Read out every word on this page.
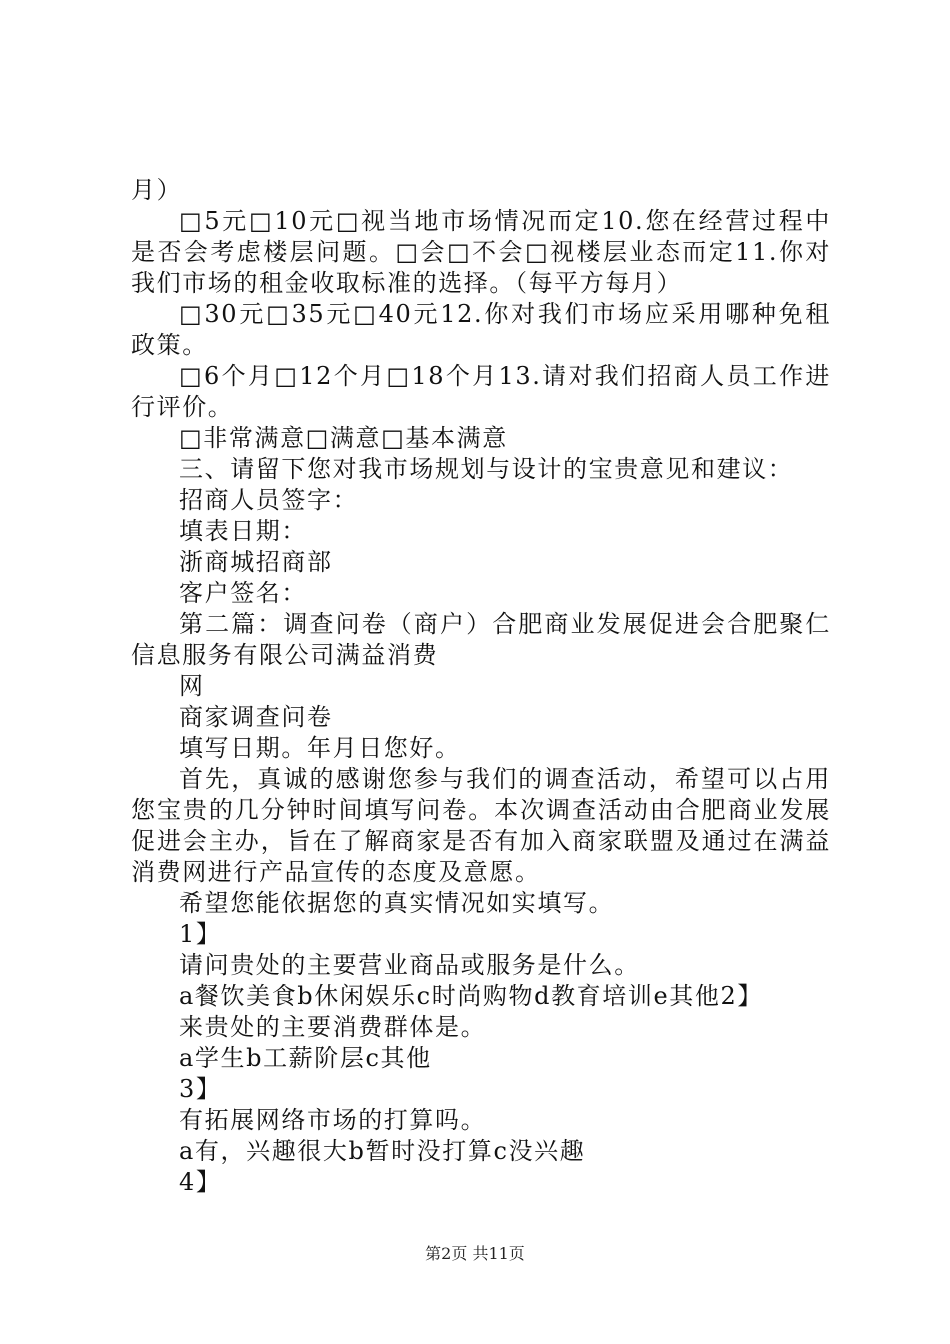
月）

□5元□10元□视当地市场情况而定10.您在经营过程中是否会考虑楼层问题。□会□不会□视楼层业态而定11.你对我们市场的租金收取标准的选择。（每平方每月）

□30元□35元□40元12.你对我们市场应采用哪种免租政策。

□6个月□12个月□18个月13.请对我们招商人员工作进行评价。

□非常满意□满意□基本满意

三、请留下您对我市场规划与设计的宝贵意见和建议：

招商人员签字：

填表日期：

浙商城招商部

客户签名：

第二篇：调查问卷（商户）合肥商业发展促进会合肥聚仁信息服务有限公司满益消费

网

商家调查问卷

填写日期。年月日您好。

首先，真诚的感谢您参与我们的调查活动，希望可以占用您宝贵的几分钟时间填写问卷。本次调查活动由合肥商业发展促进会主办，旨在了解商家是否有加入商家联盟及通过在满益消费网进行产品宣传的态度及意愿。

希望您能依据您的真实情况如实填写。

1】

请问贵处的主要营业商品或服务是什么。

a餐饮美食b休闲娱乐c时尚购物d教育培训e其他2】

来贵处的主要消费群体是。

a学生b工薪阶层c其他

3】

有拓展网络市场的打算吗。

a有，兴趣很大b暂时没打算c没兴趣

4】

第2页 共11页
